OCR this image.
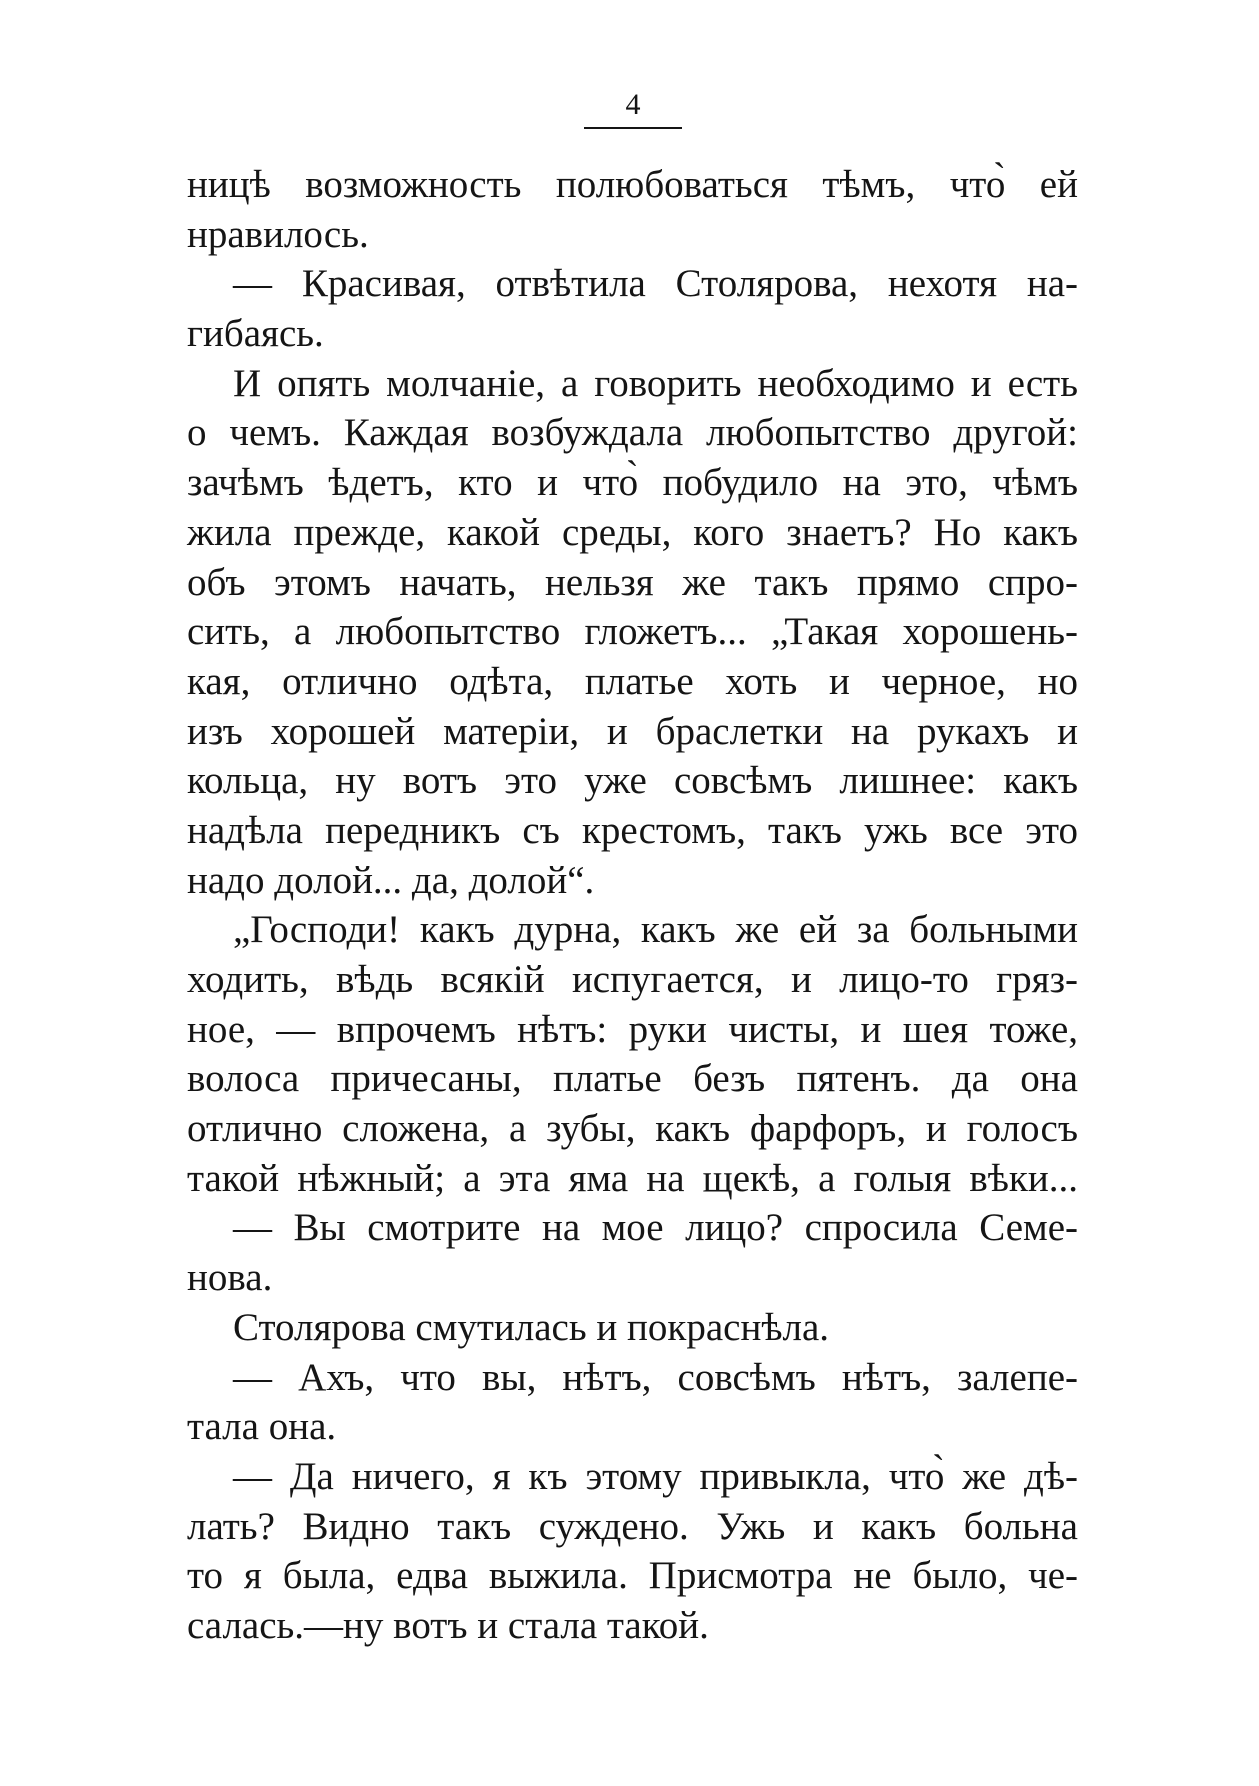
4
ницѣ возможность полюбоваться тѣмъ, что̀ ей
нравилось.
— Красивая, отвѣтила Столярова, нехотя на-
гибаясь.
И опять молчаніе, а говорить необходимо и есть
о чемъ. Каждая возбуждала любопытство другой:
зачѣмъ ѣдетъ, кто и что̀ побудило на это, чѣмъ
жила прежде, какой среды, кого знаетъ? Но какъ
объ этомъ начать, нельзя же такъ прямо спро-
сить, а любопытство гложетъ... „Такая хорошень-
кая, отлично одѣта, платье хоть и черное, но
изъ хорошей матеріи, и браслетки на рукахъ и
кольца, ну вотъ это уже совсѣмъ лишнее: какъ
надѣла передникъ съ крестомъ, такъ ужь все это
надо долой... да, долой“.
„Господи! какъ дурна, какъ же ей за больными
ходить, вѣдь всякій испугается, и лицо-то гряз-
ное, — впрочемъ нѣтъ: руки чисты, и шея тоже,
волоса причесаны, платье безъ пятенъ. да она
отлично сложена, а зубы, какъ фарфоръ, и голосъ
такой нѣжный; а эта яма на щекѣ, а голыя вѣки...
— Вы смотрите на мое лицо? спросила Семе-
нова.
Столярова смутилась и покраснѣла.
— Ахъ, что вы, нѣтъ, совсѣмъ нѣтъ, залепе-
тала она.
— Да ничего, я къ этому привыкла, что̀ же дѣ-
лать? Видно такъ суждено. Ужь и какъ больна
то я была, едва выжила. Присмотра не было, че-
салась.—ну вотъ и стала такой.
